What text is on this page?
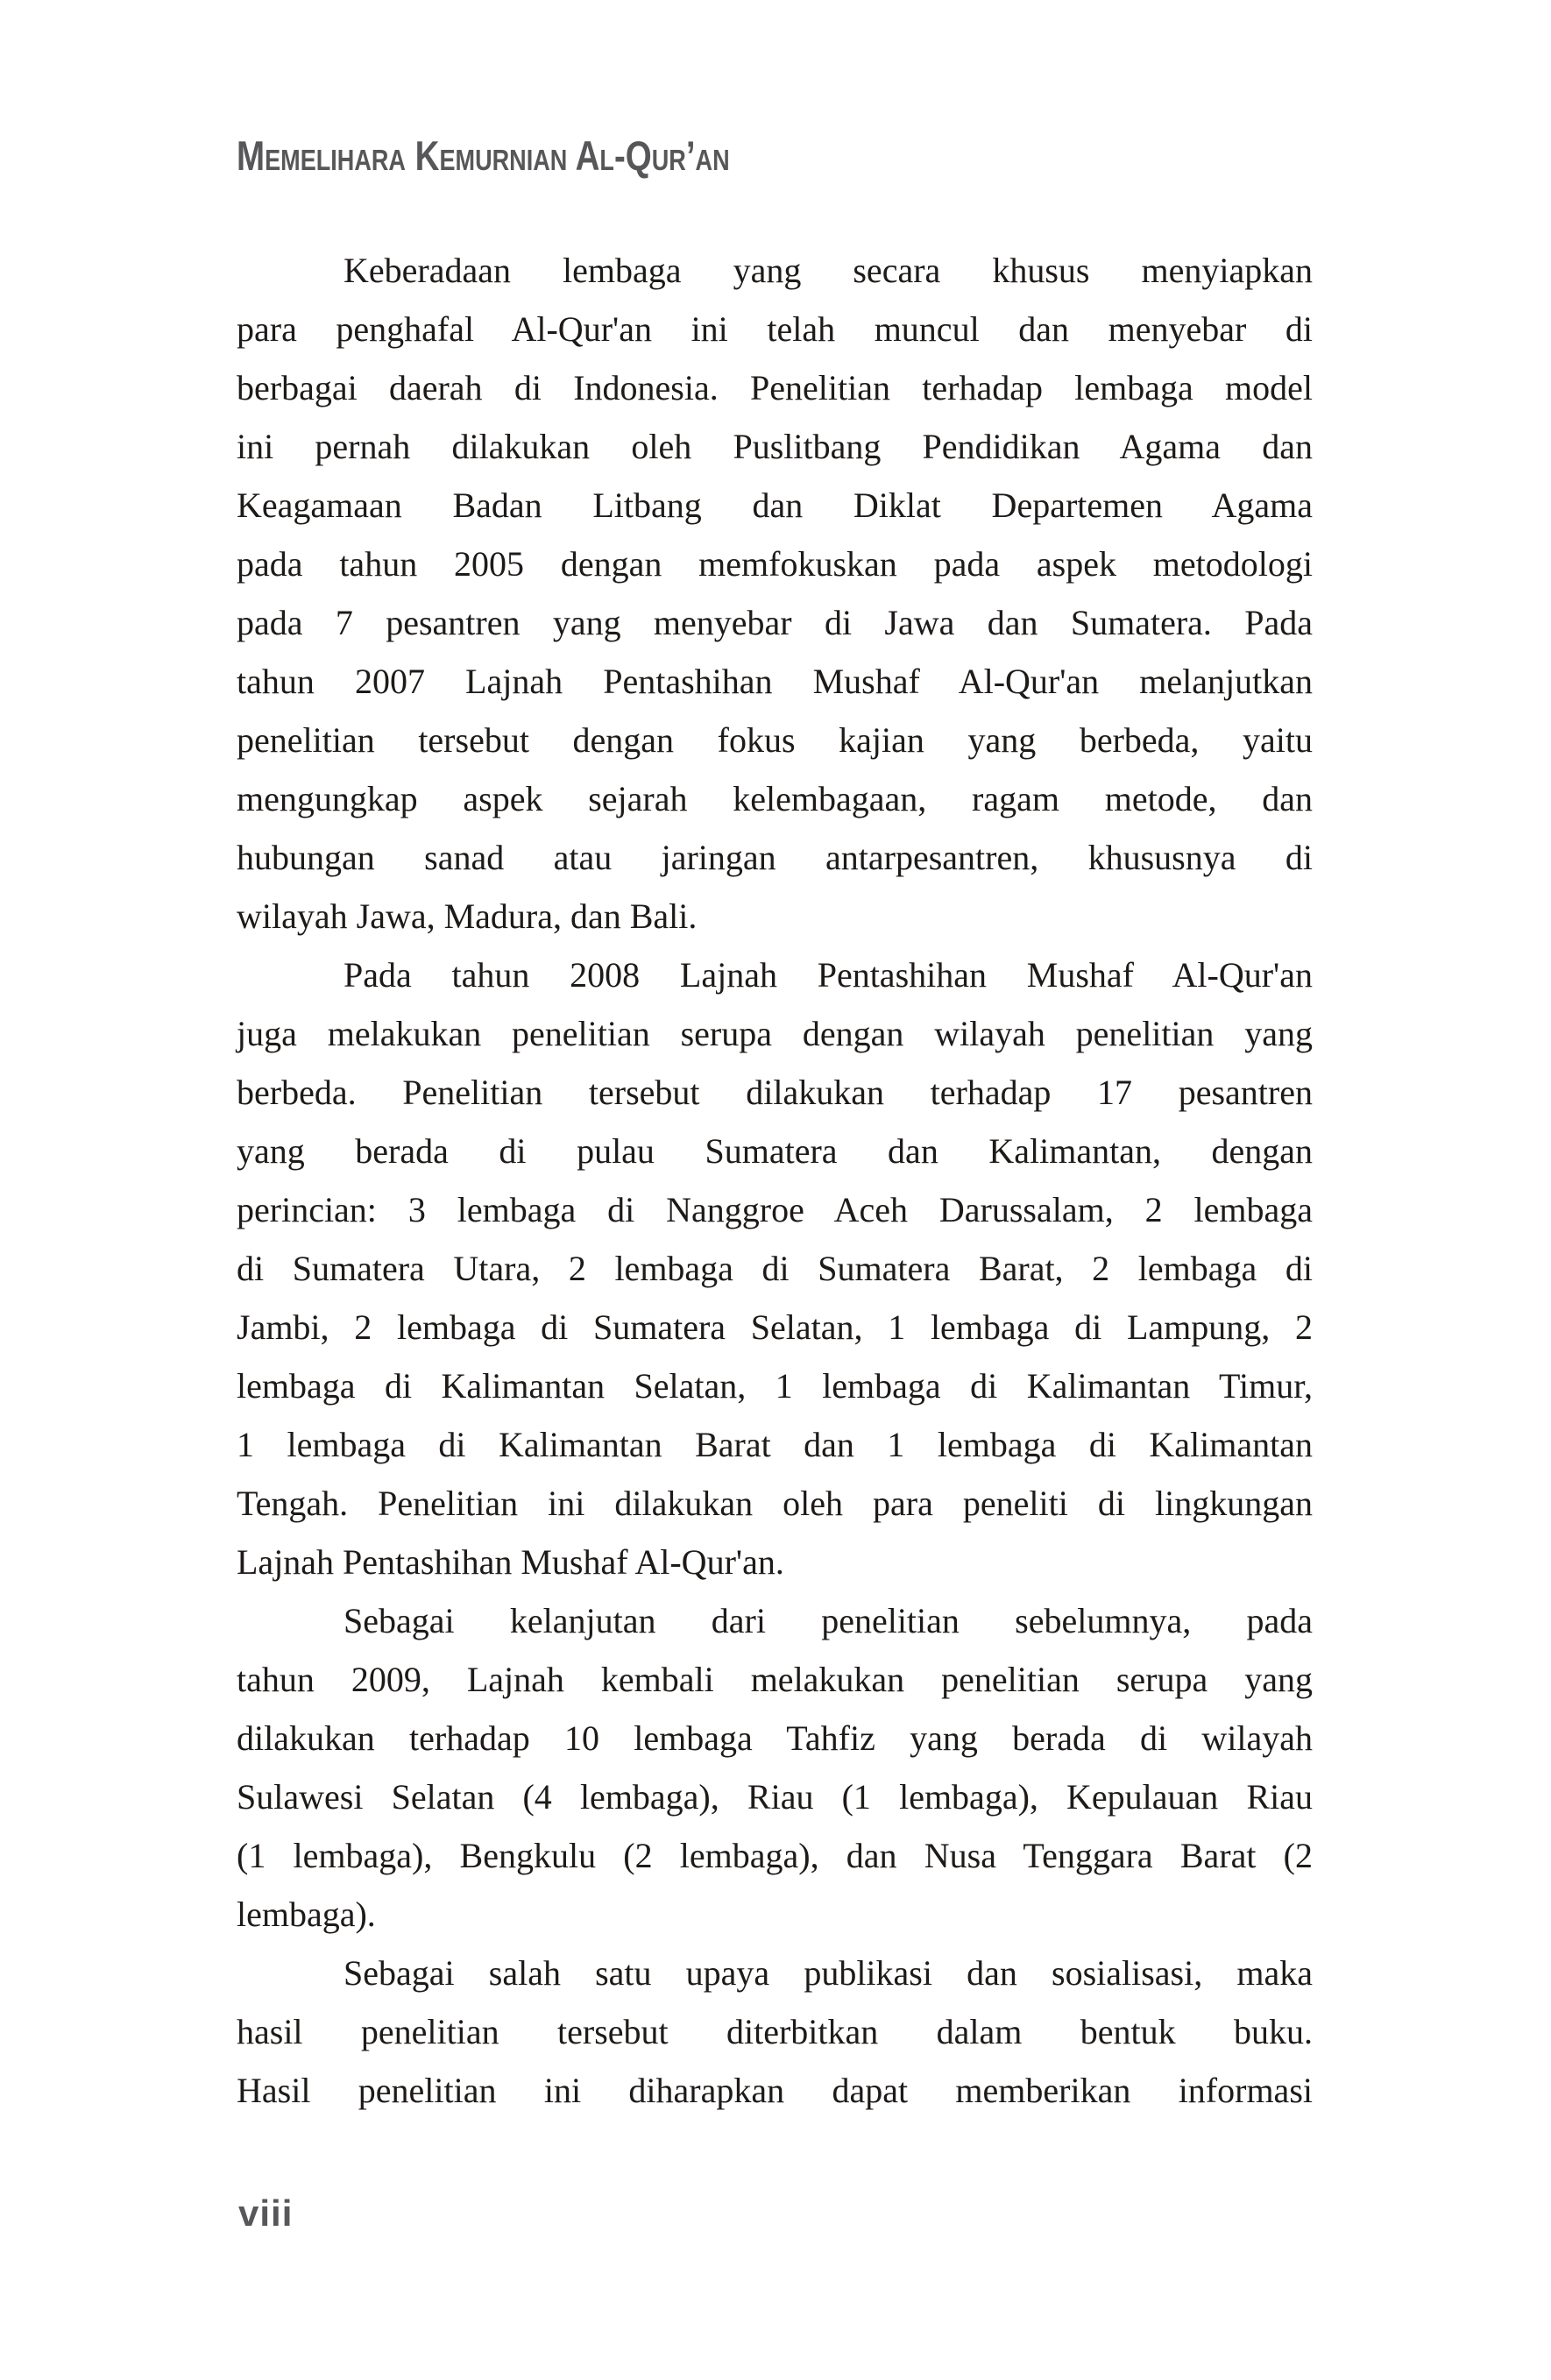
Memelihara Kemurnian Al-Qur’an
Keberadaan lembaga yang secara khusus menyiapkan
para penghafal Al-Qur'an ini telah muncul dan menyebar di
berbagai daerah di Indonesia. Penelitian terhadap lembaga model
ini pernah dilakukan oleh Puslitbang Pendidikan Agama dan
Keagamaan Badan Litbang dan Diklat Departemen Agama
pada tahun 2005 dengan memfokuskan pada aspek metodologi
pada 7 pesantren yang menyebar di Jawa dan Sumatera. Pada
tahun 2007 Lajnah Pentashihan Mushaf Al-Qur'an melanjutkan
penelitian tersebut dengan fokus kajian yang berbeda, yaitu
mengungkap aspek sejarah kelembagaan, ragam metode, dan
hubungan sanad atau jaringan antarpesantren, khususnya di
wilayah Jawa, Madura, dan Bali.
Pada tahun 2008 Lajnah Pentashihan Mushaf Al-Qur'an
juga melakukan penelitian serupa dengan wilayah penelitian yang
berbeda. Penelitian tersebut dilakukan terhadap 17 pesantren
yang berada di pulau Sumatera dan Kalimantan, dengan
perincian: 3 lembaga di Nanggroe Aceh Darussalam, 2 lembaga
di Sumatera Utara, 2 lembaga di Sumatera Barat, 2 lembaga di
Jambi, 2 lembaga di Sumatera Selatan, 1 lembaga di Lampung, 2
lembaga di Kalimantan Selatan, 1 lembaga di Kalimantan Timur,
1 lembaga di Kalimantan Barat dan 1 lembaga di Kalimantan
Tengah. Penelitian ini dilakukan oleh para peneliti di lingkungan
Lajnah Pentashihan Mushaf Al-Qur'an.
Sebagai kelanjutan dari penelitian sebelumnya, pada
tahun 2009, Lajnah kembali melakukan penelitian serupa yang
dilakukan terhadap 10 lembaga Tahfiz yang berada di wilayah
Sulawesi Selatan (4 lembaga), Riau (1 lembaga), Kepulauan Riau
(1 lembaga), Bengkulu (2 lembaga), dan Nusa Tenggara Barat (2
lembaga).
Sebagai salah satu upaya publikasi dan sosialisasi, maka
hasil penelitian tersebut diterbitkan dalam bentuk buku.
Hasil penelitian ini diharapkan dapat memberikan informasi
viii
